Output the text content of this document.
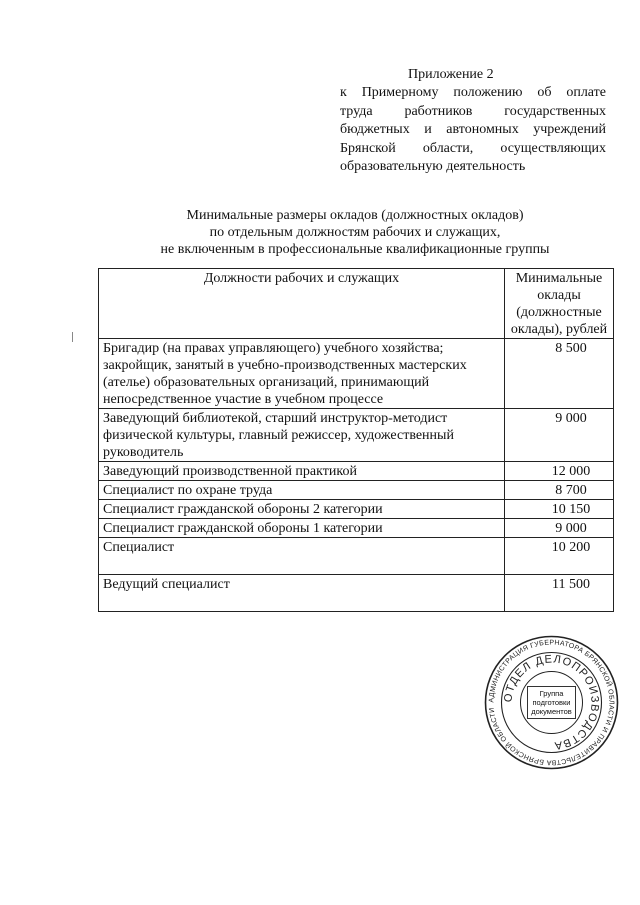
Приложение 2
к Примерному положению об оплате
труда работников государственных
бюджетных и автономных учреждений
Брянской области, осуществляющих
образовательную деятельность
Минимальные размеры окладов (должностных окладов)
по отдельным должностям рабочих и служащих,
не включенным в профессиональные квалификационные группы
Должности рабочих и служащих	Минимальные оклады (должностные оклады), рублей
Бригадир (на правах управляющего) учебного хозяйства; закройщик, занятый в учебно-производственных мастерских (ателье) образовательных организаций, принимающий непосредственное участие в учебном процессе	8 500
Заведующий библиотекой, старший инструктор-методист физической культуры, главный режиссер, художественный руководитель	9 000
Заведующий производственной практикой	12 000
Специалист по охране труда	8 700
Специалист гражданской обороны 2 категории	10 150
Специалист гражданской обороны 1 категории	9 000
Специалист	10 200
Ведущий специалист	11 500
АДМИНИСТРАЦИЯ ГУБЕРНАТОРА БРЯНСКОЙ ОБЛАСТИ И ПРАВИТЕЛЬСТВА БРЯНСКОЙ ОБЛАСТИ
ОТДЕЛ ДЕЛОПРОИЗВОДСТВА
Группа
подготовки
документов
